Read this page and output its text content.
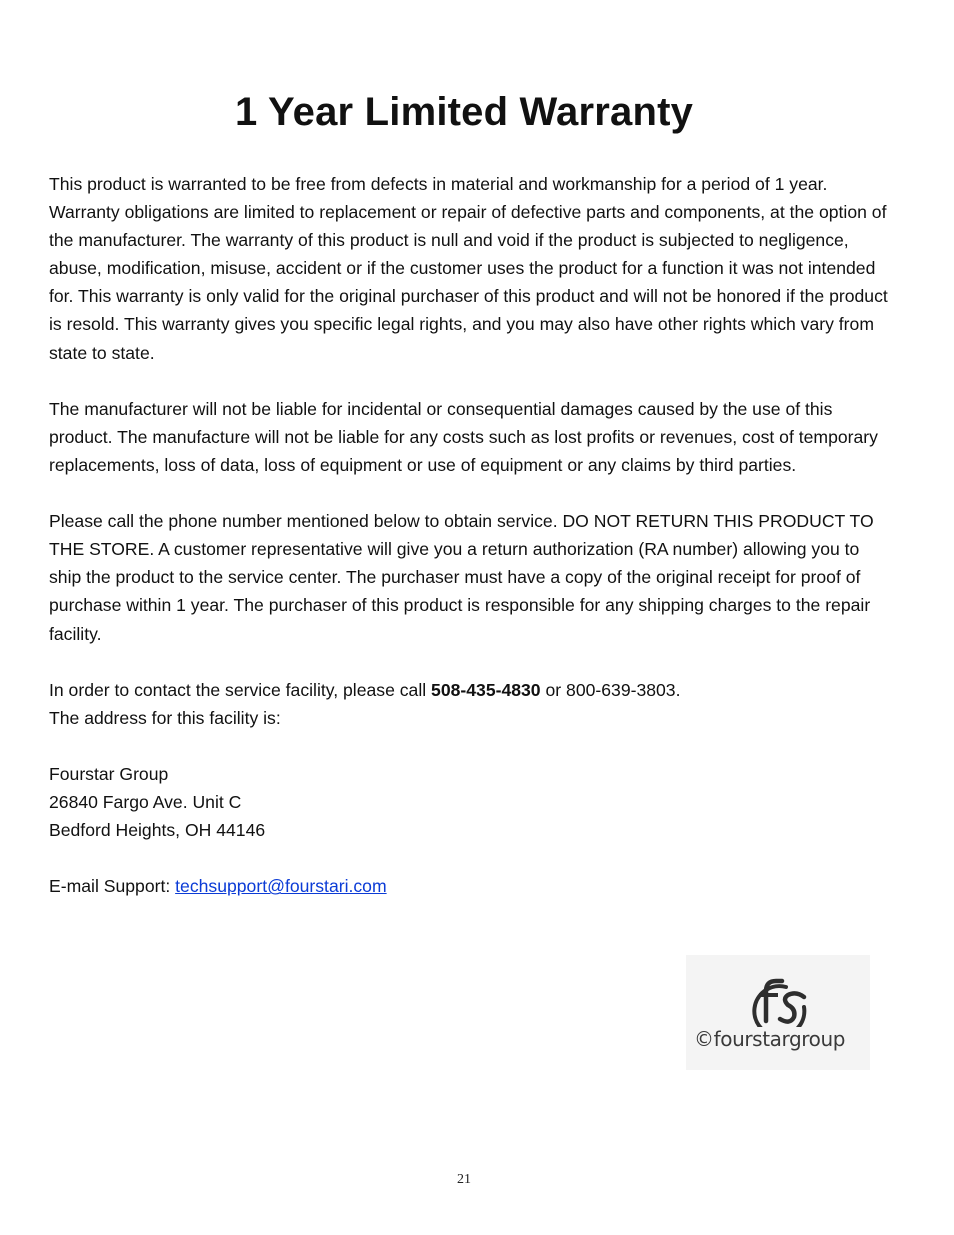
1 Year Limited Warranty

This product is warranted to be free from defects in material and workmanship for a period of 1 year. Warranty obligations are limited to replacement or repair of defective parts and components, at the option of the manufacturer. The warranty of this product is null and void if the product is subjected to negligence, abuse, modification, misuse, accident or if the customer uses the product for a function it was not intended for. This warranty is only valid for the original purchaser of this product and will not be honored if the product is resold. This warranty gives you specific legal rights, and you may also have other rights which vary from state to state.

The manufacturer will not be liable for incidental or consequential damages caused by the use of this product. The manufacture will not be liable for any costs such as lost profits or revenues, cost of temporary replacements, loss of data, loss of equipment or use of equipment or any claims by third parties.

Please call the phone number mentioned below to obtain service. DO NOT RETURN THIS PRODUCT TO THE STORE. A customer representative will give you a return authorization (RA number) allowing you to ship the product to the service center. The purchaser must have a copy of the original receipt for proof of purchase within 1 year. The purchaser of this product is responsible for any shipping charges to the repair facility.

In order to contact the service facility, please call 508-435-4830 or 800-639-3803.

The address for this facility is:

Fourstar Group

26840 Fargo Ave. Unit C

Bedford Heights, OH 44146

E-mail Support: techsupport@fourstari.com

fs
©fourstargroup
21
